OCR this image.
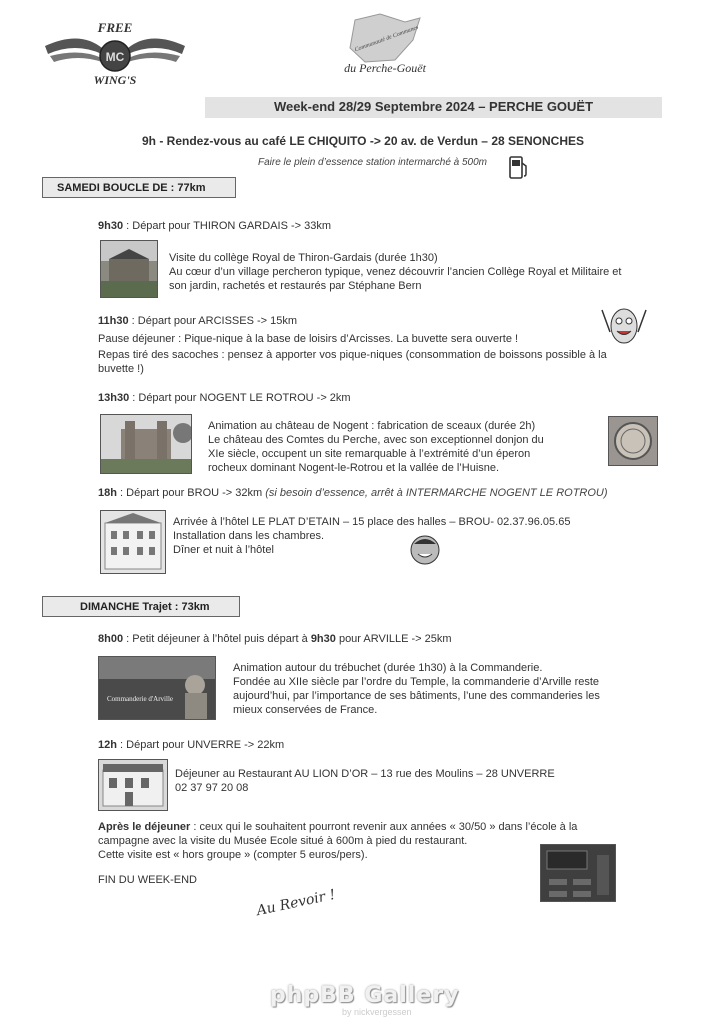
MC
FREE
WING'S
Communauté de Communes
du Perche-Gouët
Week-end 28/29 Septembre 2024 – PERCHE GOUËT
9h - Rendez-vous au café LE CHIQUITO -> 20 av. de Verdun – 28 SENONCHES
Faire le plein d’essence station intermarché à 500m
SAMEDI BOUCLE DE : 77km
9h30 : Départ pour THIRON GARDAIS -> 33km
Visite du collège Royal de Thiron-Gardais (durée 1h30)
Au cœur d’un village percheron typique, venez découvrir l’ancien Collège Royal et Militaire et
son jardin, rachetés et restaurés par Stéphane Bern
11h30 : Départ pour ARCISSES -> 15km
Pause déjeuner : Pique-nique à la base de loisirs d’Arcisses. La buvette sera ouverte !
Repas tiré des sacoches : pensez à apporter vos pique-niques (consommation de boissons possible à la
buvette !)
13h30 : Départ pour NOGENT LE ROTROU -> 2km
Animation au château de Nogent : fabrication de sceaux (durée 2h)
Le château des Comtes du Perche, avec son exceptionnel donjon du
XIe siècle, occupent un site remarquable à l’extrémité d’un éperon
rocheux dominant Nogent-le-Rotrou et la vallée de l’Huisne.
18h : Départ pour BROU -> 32km (si besoin d’essence, arrêt à INTERMARCHE NOGENT LE ROTROU)
Arrivée à l’hôtel LE PLAT D’ETAIN – 15 place des halles – BROU- 02.37.96.05.65
Installation dans les chambres.
Dîner et nuit à l’hôtel
DIMANCHE Trajet : 73km
8h00 : Petit déjeuner à l’hôtel puis départ à 9h30 pour ARVILLE -> 25km
Commanderie d'Arville
Animation autour du trébuchet (durée 1h30) à la Commanderie.
Fondée au XIIe siècle par l’ordre du Temple, la commanderie d’Arville reste
aujourd’hui, par l’importance de ses bâtiments, l’une des commanderies les
mieux conservées de France.
12h : Départ pour UNVERRE -> 22km
Déjeuner au Restaurant AU LION D’OR – 13 rue des Moulins – 28 UNVERRE
02 37 97 20 08
Après le déjeuner : ceux qui le souhaitent pourront revenir aux années « 30/50 » dans l’école à la
campagne avec la visite du Musée Ecole situé à 600m à pied du restaurant.
Cette visite est « hors groupe » (compter 5 euros/pers).
FIN DU WEEK-END
Au Revoir !
phpBB Gallery
by nickvergessen
